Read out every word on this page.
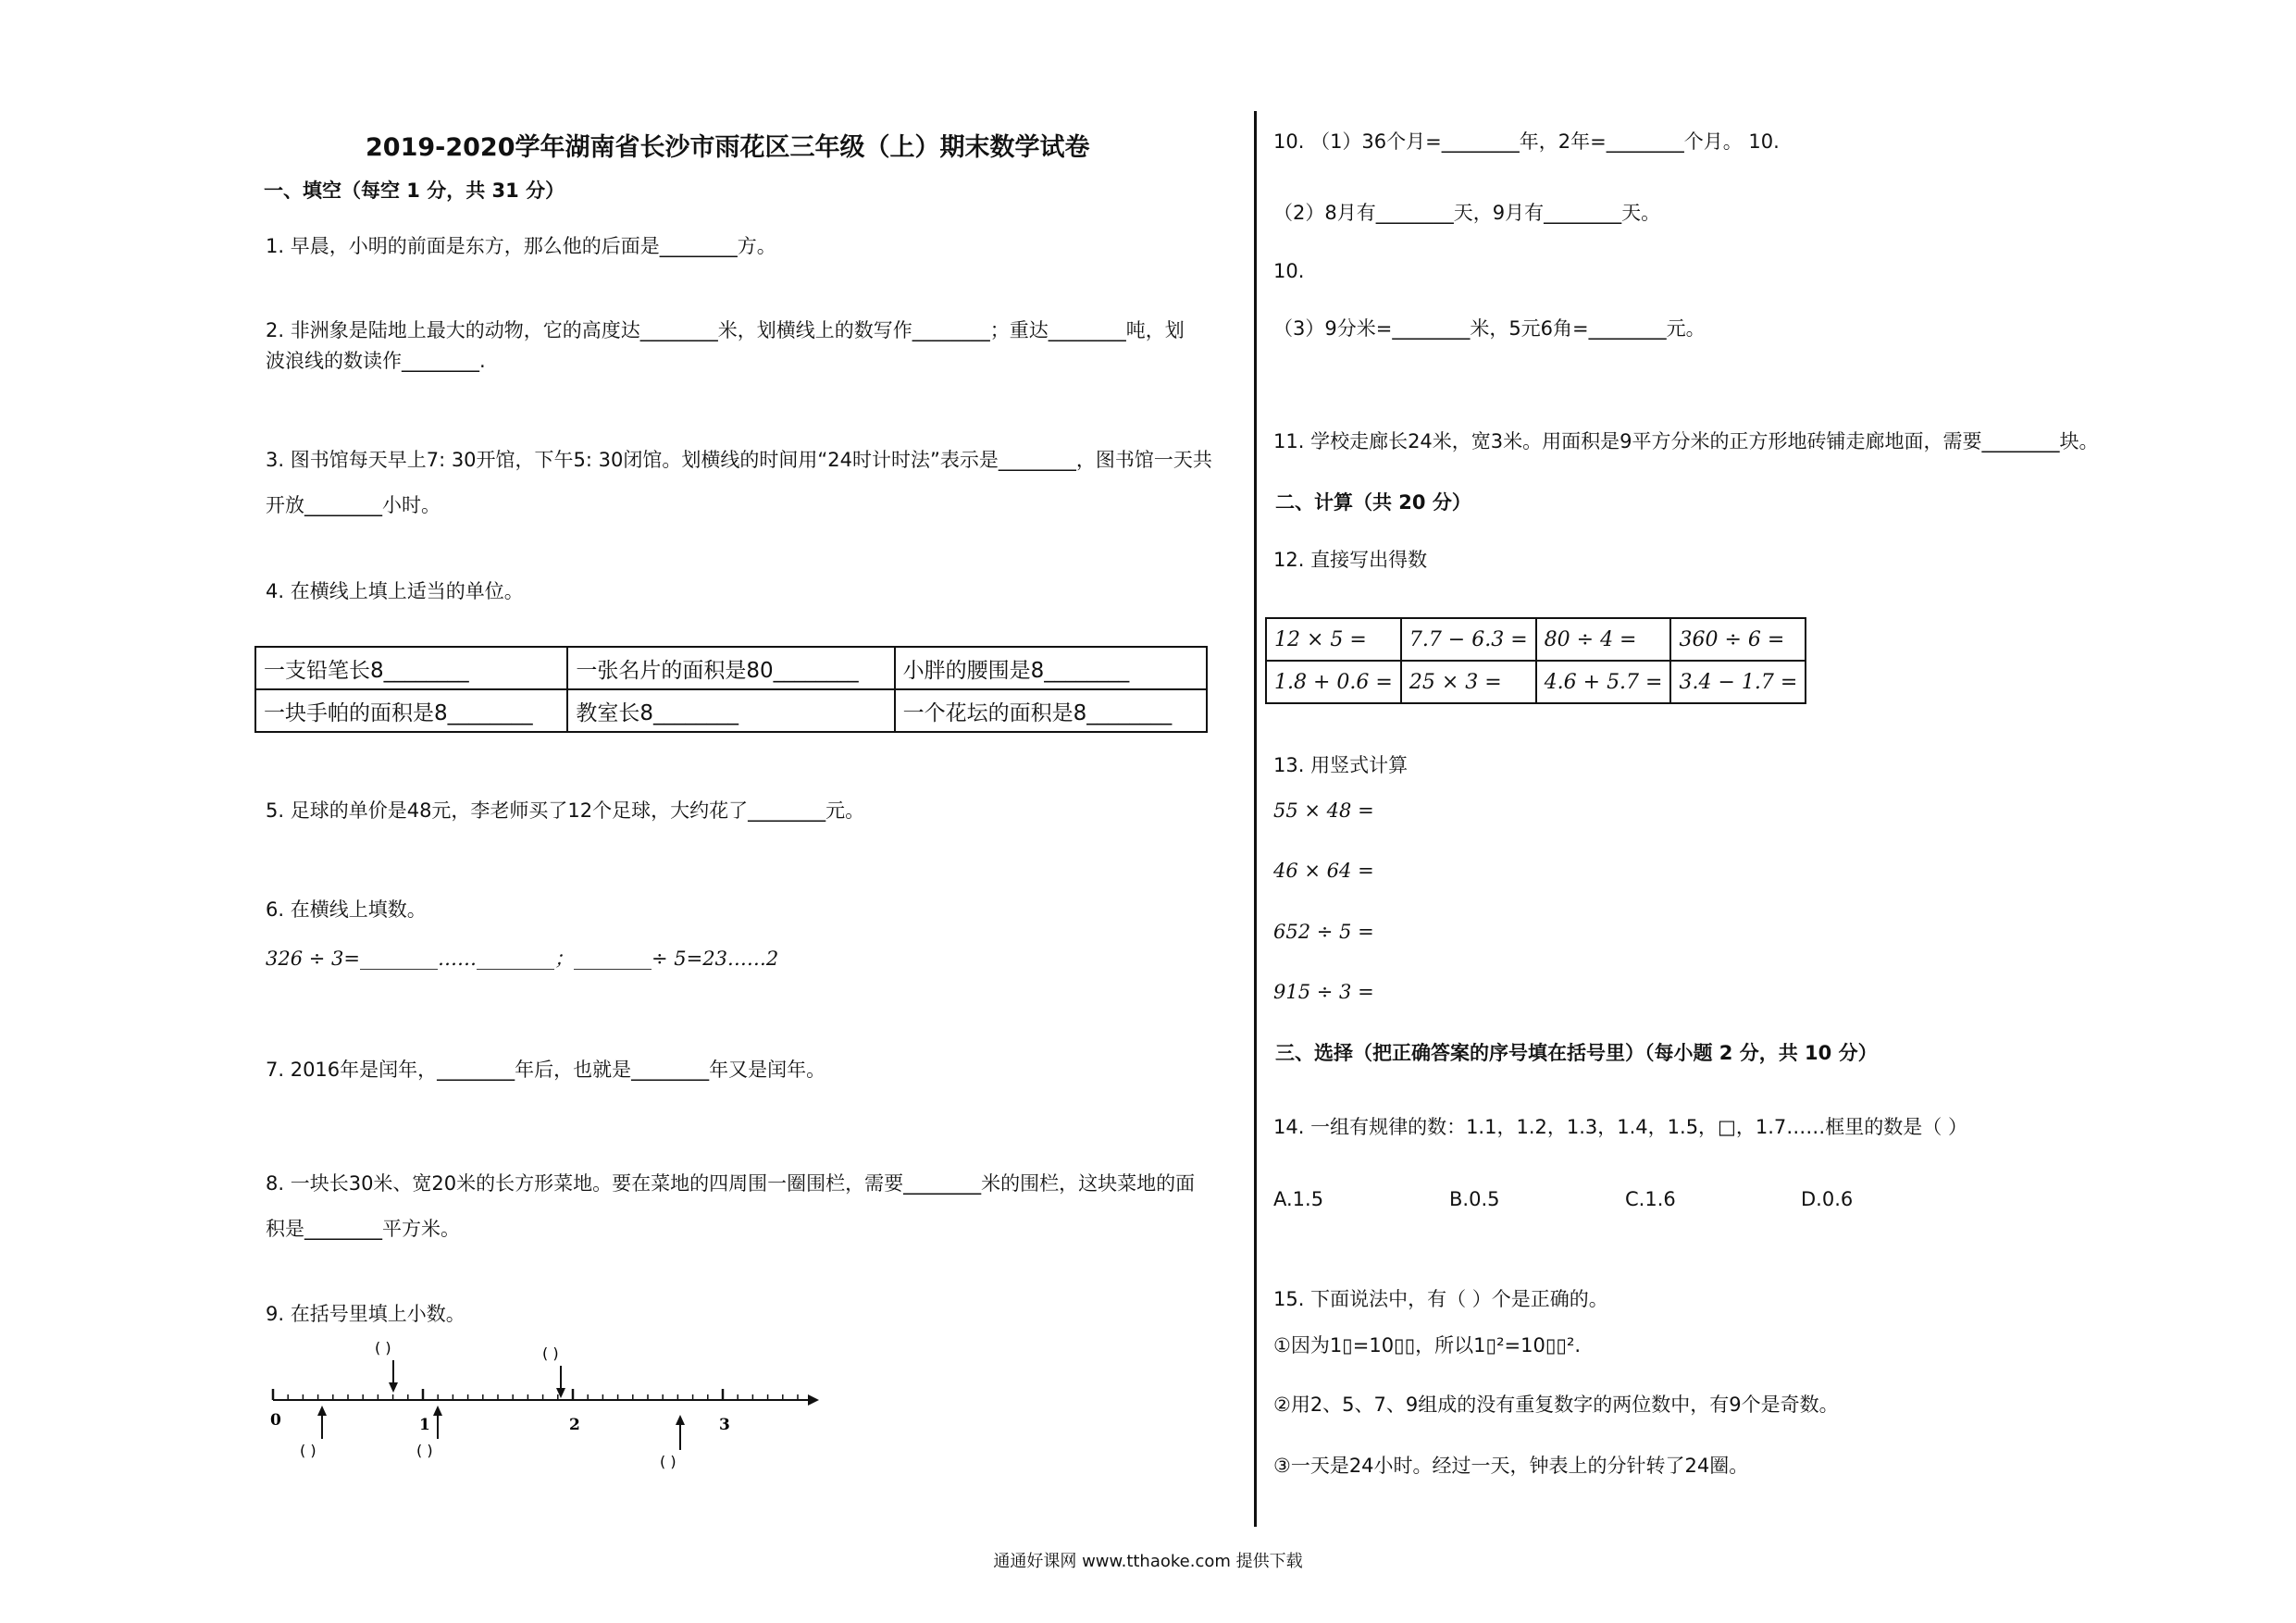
2019-2020学年湖南省长沙市雨花区三年级（上）期末数学试卷
一、填空（每空 1 分，共 31 分）
1. 早晨，小明的前面是东方，那么他的后面是________方。
2. 非洲象是陆地上最大的动物，它的高度达________米，划横线上的数写作________；重达________吨，划
波浪线的数读作________.
3. 图书馆每天早上7: 30开馆，下午5: 30闭馆。划横线的时间用“24时计时法”表示是________，图书馆一天共
开放________小时。
4. 在横线上填上适当的单位。
一支铅笔长8________	一张名片的面积是80________	小胖的腰围是8________
一块手帕的面积是8________	教室长8________	一个花坛的面积是8________
5. 足球的单价是48元，李老师买了12个足球，大约花了________元。
6. 在横线上填数。
326 ÷ 3=________……________；________÷ 5=23……2
7. 2016年是闰年，________年后，也就是________年又是闰年。
8. 一块长30米、宽20米的长方形菜地。要在菜地的四周围一圈围栏，需要________米的围栏，这块菜地的面
积是________平方米。
9. 在括号里填上小数。
0	1	2	3
( )	( )
( )	( )
( )
10. （1）36个月=________年，2年=________个月。 10.
（2）8月有________天，9月有________天。
10.
（3）9分米=________米，5元6角=________元。
11. 学校走廊长24米，宽3米。用面积是9平方分米的正方形地砖铺走廊地面，需要________块。
二、计算（共 20 分）
12. 直接写出得数
12 × 5 =	7.7 − 6.3 =	80 ÷ 4 =	360 ÷ 6 =
1.8 + 0.6 =	25 × 3 =	4.6 + 5.7 =	3.4 − 1.7 =
13. 用竖式计算
55 × 48 =
46 × 64 =
652 ÷ 5 =
915 ÷ 3 =
三、选择（把正确答案的序号填在括号里）（每小题 2 分，共 10 分）
14. 一组有规律的数：1.1，1.2，1.3，1.4，1.5，□，1.7……框里的数是（ ）
A.1.5	B.0.5	C.1.6	D.0.6
15. 下面说法中，有（ ）个是正确的。
①因为1▯=10▯▯，所以1▯²=10▯▯².
②用2、5、7、9组成的没有重复数字的两位数中，有9个是奇数。
③一天是24小时。经过一天，钟表上的分针转了24圈。
通通好课网 www.tthaoke.com 提供下载
